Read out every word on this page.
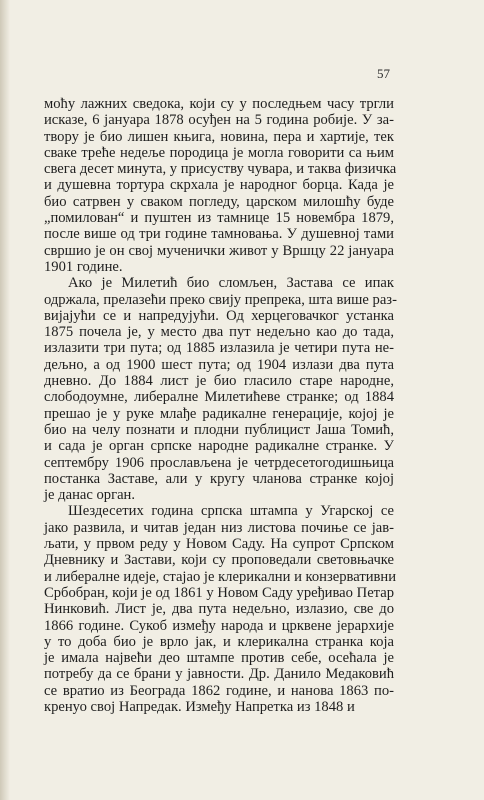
57
моћу лажних сведока, који су у последњем часу тргли
исказе, 6 јануара 1878 осуђен на 5 година робије. У за-
твору је био лишен књига, новина, пера и хартије, тек
сваке треће недеље породица је могла говорити са њим
свега десет минута, у присуству чувара, и таква физичка
и душевна тортура скрхала је народног борца. Када је
био сатрвен у сваком погледу, царском милошћу буде
„помилован“ и пуштен из тамнице 15 новембра 1879,
после више од три године тамновања. У душевној тами
свршио је он свој мученички живот у Вршцу 22 јануара
1901 године.
Ако је Милетић био сломљен, Застава се ипак
одржала, прелазећи преко свију препрека, шта више раз-
вијајући се и напредујући. Од херцеговачког устанка
1875 почела је, у место два пут недељно као до тада,
излазити три пута; од 1885 излазила је четири пута не-
дељно, а од 1900 шест пута; од 1904 излази два пута
дневно. До 1884 лист је био гласило старе народне,
слободоумне, либералне Милетићеве странке; од 1884
прешао је у руке млађе радикалне генерације, којој је
био на челу познати и плодни публицист Јаша Томић,
и сада је орган српске народне радикалне странке. У
септембру 1906 прослављена је четрдесетогодишњица
постанка Заставе, али у кругу чланова странке којој
је данас орган.
Шездесетих година српска штампа у Угарској се
јако развила, и читав један низ листова почиње се јав-
љати, у првом реду у Новом Саду. На супрот Српском
Дневнику и Застави, који су проповедали световњачке
и либералне идеје, стајао је клерикални и конзервативни
Србобран, који је од 1861 у Новом Саду уређивао Петар
Нинковић. Лист је, два пута недељно, излазио, све до
1866 године. Сукоб између народа и црквене јерархије
у то доба био је врло јак, и клерикална странка која
је имала највећи део штампе против себе, осећала је
потребу да се брани у јавности. Др. Данило Медаковић
се вратио из Београда 1862 године, и нанова 1863 по-
кренуо свој Напредак. Између Напретка из 1848 и
